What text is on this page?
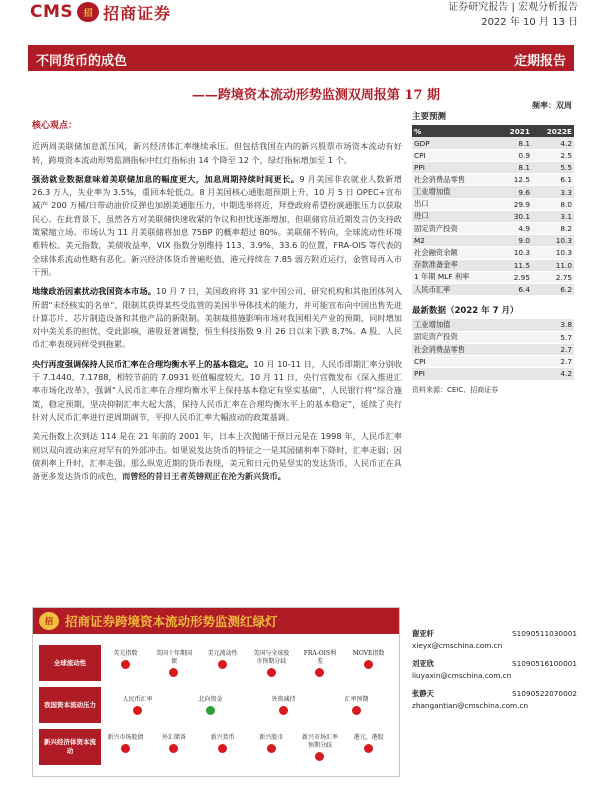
CMS	招 招商证券	证券研究报告 | 宏观分析报告
2022 年 10 月 13 日
不同货币的成色	定期报告
——跨境资本流动形势监测双周报第 17 期
频率：双周
核心观点：

近两周美联储加息派压风，新兴经济体汇率继续承压。但包括我国在内的新兴股票市场资本流动有好转，跨境资本流动形势监测指标中红灯指标由 14 个降至 12 个，绿灯指标增加至 1 个。

强劲就业数据意味着美联储加息的幅度更大，加息周期持续时间更长。9 月美国非农就业人数新增 26.3 万人，失业率为 3.5%，重回本轮低点。8 月美国核心通胀超预期上升，10 月 5 日 OPEC+宣布减产 200 万桶/日带动油价反弹也加剧美通胀压力，中期选举将近，拜登政府希望扮演通胀压力以获取民心。在此背景下，虽然各方对美联储快速收紧的争议和担忧逐渐增加，但联储官员近期发言仍支持政策紧缩立场。市场认为 11 月美联储将加息 75BP 的概率超过 80%。美联储不转向，全球流动性环境难转松。美元指数，美债收益率，VIX 指数分别维持 113、3.9%、33.6 的位置，FRA-OIS 等代表的全球体系流动性略有恶化。新兴经济体货币普遍贬值，港元持续在 7.85 弱方附近运行，金管局再入市干预。

地缘政治因素扰动我国资本市场。10 月 7 日，美国政府将 31 家中国公司、研究机构和其他团体列入所谓“未经核实的名单”，限制其获得某些受监管的美国半导体技术的能力，并可能宣布向中国出售先进计算芯片、芯片制造设备和其他产品的新限制。美制裁措施影响市场对我国相关产业的预期，同时增加对中美关系的担忧，受此影响，港股显著调整，恒生科技指数 9 月 26 日以来下跌 8.7%。A 股、人民币汇率表现同样受到拖累。

央行再度强调保持人民币汇率在合理均衡水平上的基本稳定。10 月 10-11 日，人民币即期汇率分别收于 7.1440、7.1788，相较节前的 7.0931 贬值幅度较大。10 月 11 日，央行官微发布《深入推进汇率市场化改革》，强调“人民币汇率在合理均衡水平上保持基本稳定有坚实基础”，人民银行将“综合施策，稳定预期，坚决抑制汇率大起大落，保持人民币汇率在合理均衡水平上的基本稳定”，延续了央行针对人民币汇率进行逆周期调节，平抑人民币汇率大幅波动的政策基调。

美元指数上次到达 114 是在 21 年前的 2001 年，日本上次抛储干预日元是在 1998 年，人民币汇率则以双向波动来应对罕有的外部冲击。如果说发达货币的特征之一是其园储利率下降时，汇率走弱；因债利率上升时，汇率走强。那么纵览近期的货币表现，美元和日元仍是坚实的发达货币，人民币正在具备更多发达货币的成色，而曾经的昔日王者英镑则正在沦为新兴货币。

主要预测
%	2021	2022E
GDP	8.1	4.2
CPI	0.9	2.5
PPI	8.1	5.5
社会消费品零售	12.5	6.1
工业增加值	9.6	3.3
出口	29.9	8.0
进口	30.1	3.1
固定资产投资	4.9	8.2
M2	9.0	10.3
社会融资余额	10.3	10.3
存款准备金率	11.5	11.0
1 年期 MLF 利率	2.95	2.75
人民币汇率	6.4	6.2
最新数据（2022 年 7 月）
工业增加值	3.8
固定资产投资	5.7
社会消费品零售	2.7
CPI	2.7
PPI	4.2
资料来源：CEIC、招商证券
招 招商证券跨境资本流动形势监测红绿灯
全球流动性
美元指数	美国十年期国债
美元流动性	美国与全球股市预期分歧
FRA-OIS利差
MOVE指数
我国资本流动压力
人民币汇率	北向资金	外资减持	汇率预期
新兴经济体资本流动
新兴市场股债	外汇储备	新兴货币	新兴股市	新兴市场汇率预期分歧
港元、港股
谢亚轩	S1090511030001
xieyx@cmschina.com.cn
刘亚欣	S1090516100001
liuyaxin@cmschina.com.cn
张静天	S1090522070002
zhangantian@cmschina.com.cn
